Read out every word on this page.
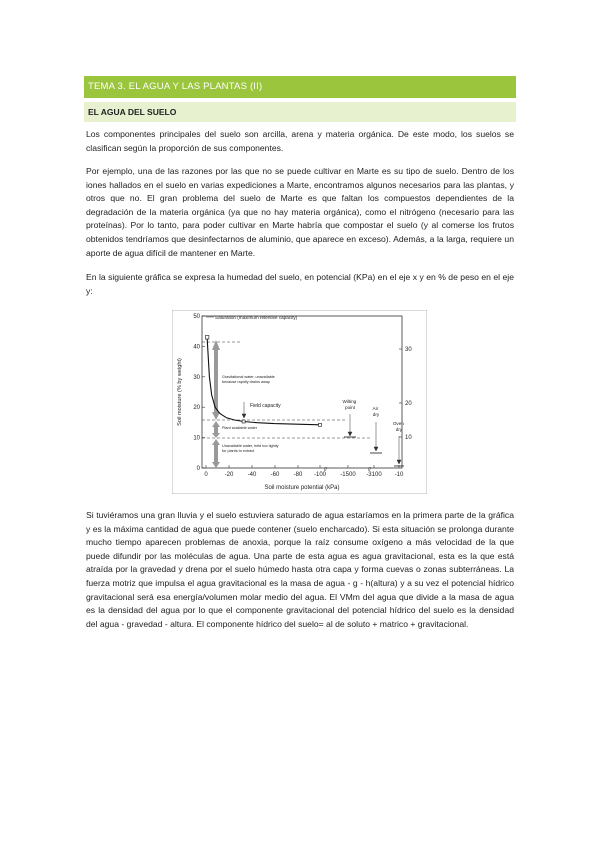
TEMA 3. EL AGUA Y LAS PLANTAS (II)
EL AGUA DEL SUELO

Los componentes principales del suelo son arcilla, arena y materia orgánica. De este modo, los suelos se clasifican según la proporción de sus componentes.

Por ejemplo, una de las razones por las que no se puede cultivar en Marte es su tipo de suelo. Dentro de los iones hallados en el suelo en varias expediciones a Marte, encontramos algunos necesarios para las plantas, y otros que no. El gran problema del suelo de Marte es que faltan los compuestos dependientes de la degradación de la materia orgánica (ya que no hay materia orgánica), como el nitrógeno (necesario para las proteínas). Por lo tanto, para poder cultivar en Marte habría que compostar el suelo (y al comerse los frutos obtenidos tendríamos que desinfectarnos de aluminio, que aparece en exceso). Además, a la larga, requiere un aporte de agua difícil de mantener en Marte.

En la siguiente gráfica se expresa la humedad del suelo, en potencial (KPa) en el eje x y en % de peso en el eje y:

Saturation (maximum retentive capacity)
Gravitational water, unavailable because rapidly drains away
Plant available water
Unavailable water, held too tightly for plants to extract
Field capacity
Wilting point	Air dry
Oven dry
//	//
0
10
20
30
40
50
10
20
30
0	-20 -40 -60 -80 -100 -1500 -3100 -10
Soil moisture potential (kPa)
Soil moisture (% by weight)

Si tuviéramos una gran lluvia y el suelo estuviera saturado de agua estaríamos en la primera parte de la gráfica y es la máxima cantidad de agua que puede contener (suelo encharcado). Si esta situación se prolonga durante mucho tiempo aparecen problemas de anoxia, porque la raíz consume oxígeno a más velocidad de la que puede difundir por las moléculas de agua. Una parte de esta agua es agua gravitacional, esta es la que está atraída por la gravedad y drena por el suelo húmedo hasta otra capa y forma cuevas o zonas subterráneas. La fuerza motriz que impulsa el agua gravitacional es la masa de agua - g - h(altura) y a su vez el potencial hídrico gravitacional será esa energía/volumen molar medio del agua. El VMm del agua que divide a la masa de agua es la densidad del agua por lo que el componente gravitacional del potencial hídrico del suelo es la densidad del agua - gravedad - altura. El componente hídrico del suelo= al de soluto + matrico + gravitacional.
